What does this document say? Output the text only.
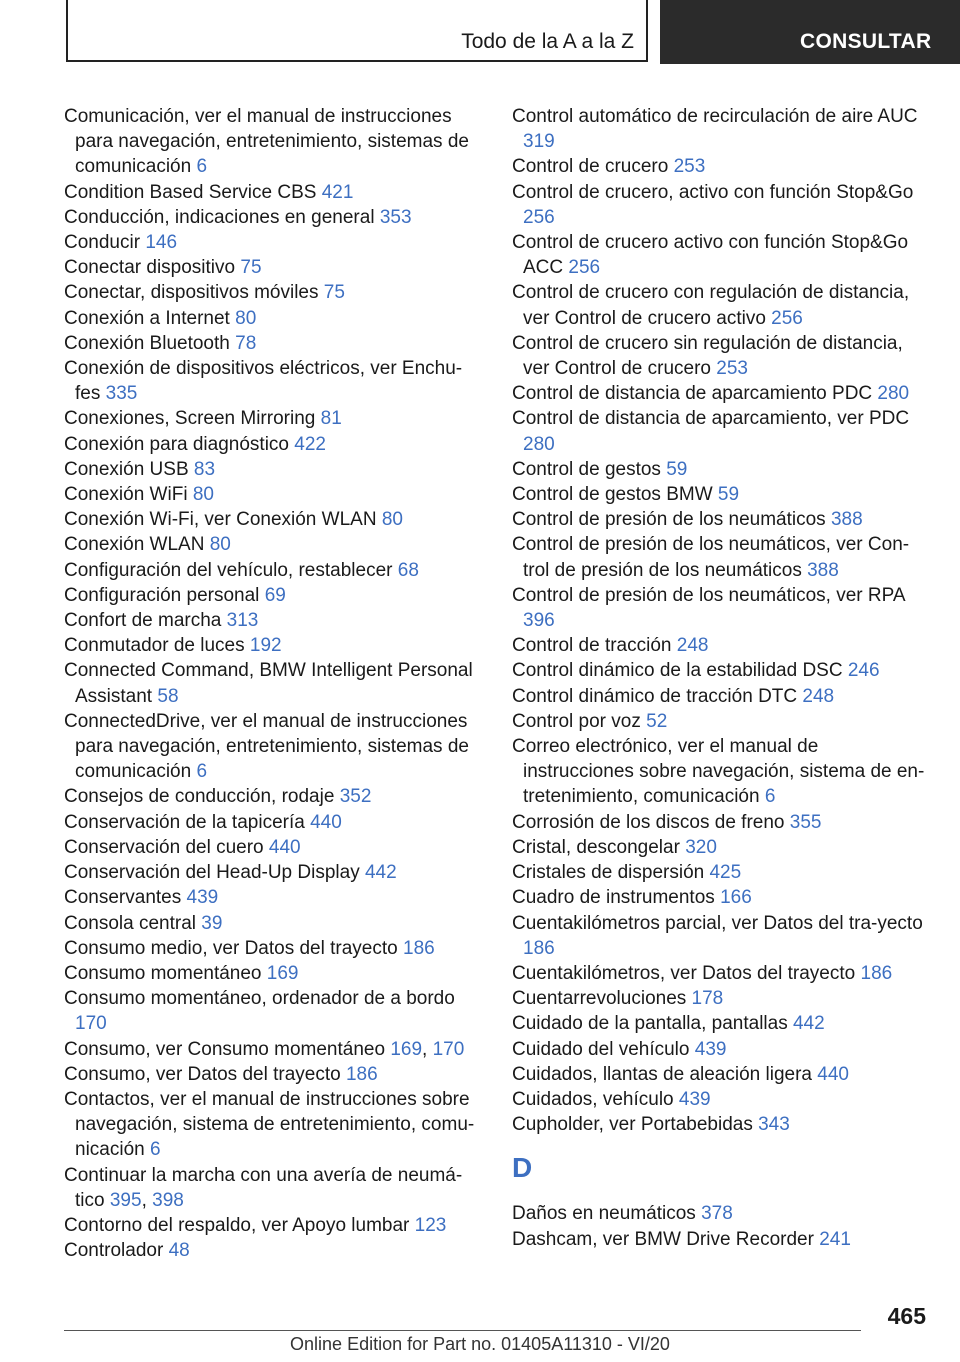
Todo de la A a la Z	CONSULTAR

Comunicación, ver el manual de instrucciones para navegación, entretenimiento, sistemas de comunicación 6

Condition Based Service CBS 421

Conducción, indicaciones en general 353

Conducir 146

Conectar dispositivo 75

Conectar, dispositivos móviles 75

Conexión a Internet 80

Conexión Bluetooth 78

Conexión de dispositivos eléctricos, ver Enchu-fes 335

Conexiones, Screen Mirroring 81

Conexión para diagnóstico 422

Conexión USB 83

Conexión WiFi 80

Conexión Wi-Fi, ver Conexión WLAN 80

Conexión WLAN 80

Configuración del vehículo, restablecer 68

Configuración personal 69

Confort de marcha 313

Conmutador de luces 192

Connected Command, BMW Intelligent Personal Assistant 58

ConnectedDrive, ver el manual de instrucciones para navegación, entretenimiento, sistemas de comunicación 6

Consejos de conducción, rodaje 352

Conservación de la tapicería 440

Conservación del cuero 440

Conservación del Head-Up Display 442

Conservantes 439

Consola central 39

Consumo medio, ver Datos del trayecto 186

Consumo momentáneo 169

Consumo momentáneo, ordenador de a bordo 170

Consumo, ver Consumo momentáneo 169, 170

Consumo, ver Datos del trayecto 186

Contactos, ver el manual de instrucciones sobre navegación, sistema de entretenimiento, comu-nicación 6

Continuar la marcha con una avería de neumá-tico 395, 398

Contorno del respaldo, ver Apoyo lumbar 123

Controlador 48

Control automático de recirculación de aire AUC 319

Control de crucero 253

Control de crucero, activo con función Stop&Go 256

Control de crucero activo con función Stop&Go ACC 256

Control de crucero con regulación de distancia, ver Control de crucero activo 256

Control de crucero sin regulación de distancia, ver Control de crucero 253

Control de distancia de aparcamiento PDC 280

Control de distancia de aparcamiento, ver PDC 280

Control de gestos 59

Control de gestos BMW 59

Control de presión de los neumáticos 388

Control de presión de los neumáticos, ver Con-trol de presión de los neumáticos 388

Control de presión de los neumáticos, ver RPA 396

Control de tracción 248

Control dinámico de la estabilidad DSC 246

Control dinámico de tracción DTC 248

Control por voz 52

Correo electrónico, ver el manual de instrucciones sobre navegación, sistema de en-tretenimiento, comunicación 6

Corrosión de los discos de freno 355

Cristal, descongelar 320

Cristales de dispersión 425

Cuadro de instrumentos 166

Cuentakilómetros parcial, ver Datos del tra-yecto 186

Cuentakilómetros, ver Datos del trayecto 186

Cuentarrevoluciones 178

Cuidado de la pantalla, pantallas 442

Cuidado del vehículo 439

Cuidados, llantas de aleación ligera 440

Cuidados, vehículo 439

Cupholder, ver Portabebidas 343

D

Daños en neumáticos 378

Dashcam, ver BMW Drive Recorder 241

465
Online Edition for Part no. 01405A11310 - VI/20
